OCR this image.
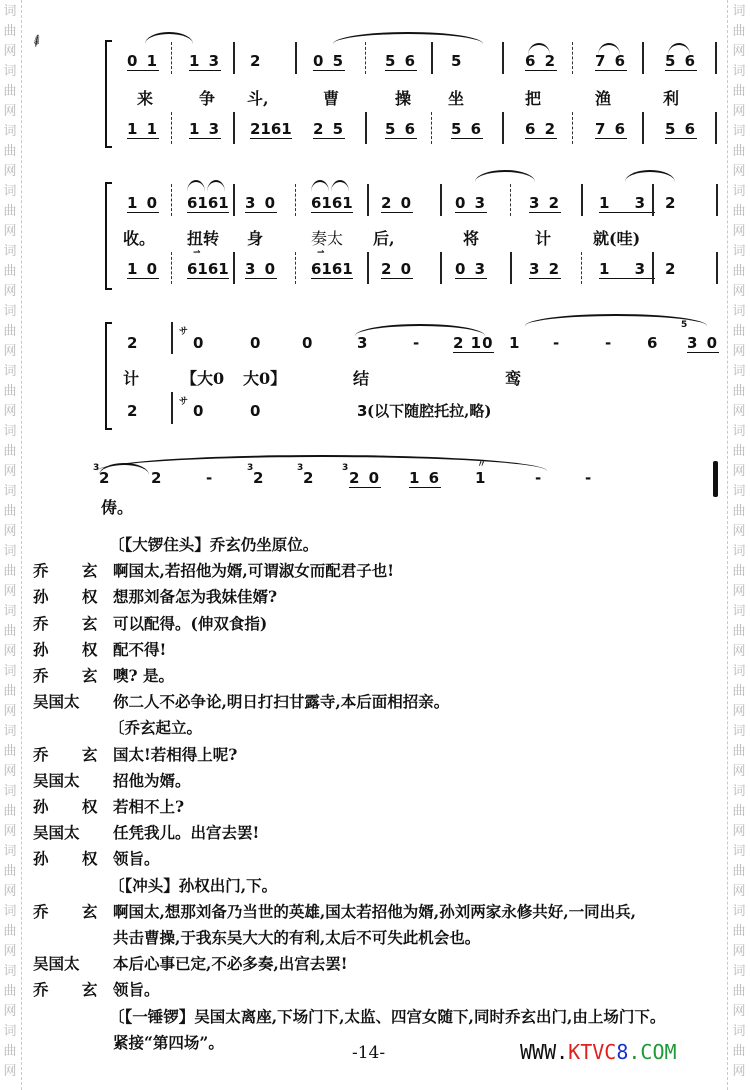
词
曲
网
词
曲
网
词
曲
网
词
曲
网
词
曲
网
词
曲
网
词
曲
网
词
曲
网
词
曲
网
词
曲
网
词
曲
网
词
曲
网
词
曲
网
词
曲
网
词
曲
网
词
曲
网
词
曲
网
词
曲
网
词
曲
网
词
曲
网
词
曲
网
词
曲
网
词
曲
网
词
曲
网
词
曲
网
词
曲
网
词
曲
网
词
曲
网
词
曲
网
词
曲
网
词
曲
网
词
曲
网
词
曲
网
词
曲
网
词
曲
网
词
曲
网
⸙
0 1 1 3 2	0 5	5 6 5	6 2	7 6	5 6
来	争 斗,	曹	操 坐	把	渔	利
1 1 1 3 2161 2 5	5 6 5 6	6 2	7 6	5 6
1 0 6161 3 0 6161 2 0	0 3	3 2	1 3 2
收。 扭转 身	奏太 后,	将	计	就(哇)
1 0
⇀
6161 3 0
⇀
6161 2 0	0 3	3 2	1 3 2
2
サ
0	0	0	3	- 2 10 1 -	- 6
5
3 0
计	【大0 大0】	结	鸾
2	サ 0	0	3
(以下随腔托拉,略)
3
2	2	-
3
2
3
2
3
2 0 1 6
〃
1	-	-
俦。
〔【大锣住头】乔玄仍坐原位。
乔 玄 啊国太,若招他为婿,可谓淑女而配君子也!
孙 权 想那刘备怎为我妹佳婿?
乔 玄 可以配得。(伸双食指)
孙 权 配不得!
乔 玄 噢? 是。
吴国太	你二人不必争论,明日打扫甘露寺,本后面相招亲。
〔乔玄起立。
乔 玄 国太!若相得上呢?
吴国太	招他为婿。
孙 权 若相不上?
吴国太	任凭我儿。出宫去罢!
孙 权 领旨。
〔【冲头】孙权出门,下。
乔 玄 啊国太,想那刘备乃当世的英雄,国太若招他为婿,孙刘两家永修共好,一同出兵,
共击曹操,于我东吴大大的有利,太后不可失此机会也。
吴国太	本后心事已定,不必多奏,出宫去罢!
乔 玄 领旨。
〔【一锤锣】吴国太离座,下场门下,太监、四宫女随下,同时乔玄出门,由上场门下。
紧接“第四场”。
-14-	WWW.KTVC8.COM
